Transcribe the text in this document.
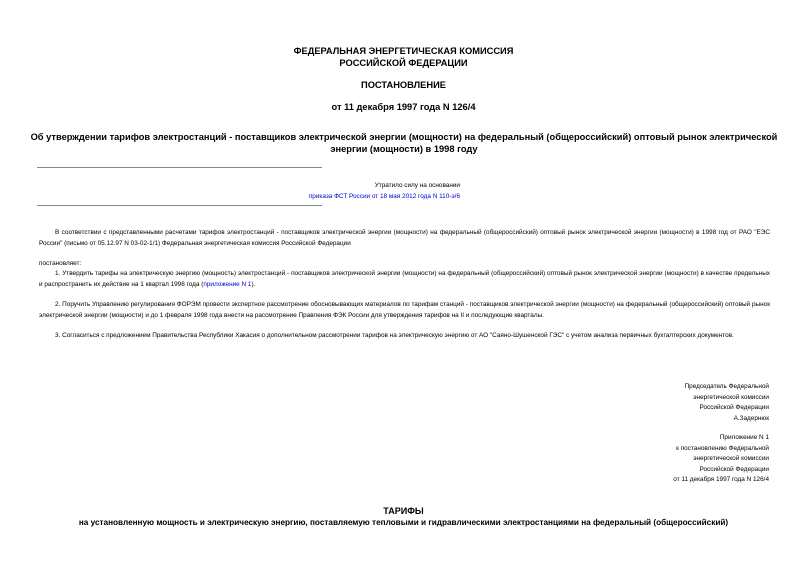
ФЕДЕРАЛЬНАЯ ЭНЕРГЕТИЧЕСКАЯ КОМИССИЯ
РОССИЙСКОЙ ФЕДЕРАЦИИ
ПОСТАНОВЛЕНИЕ
от 11 декабря 1997 года N 126/4
Об утверждении тарифов электростанций - поставщиков электрической энергии (мощности) на федеральный (общероссийский) оптовый рынок электрической
энергии (мощности) в 1998 году
Утратило силу на основании
приказа ФСТ России от 18 мая 2012 года N 110-э/6
В соответствии с представленными расчетами тарифов электростанций - поставщиков электрической энергии (мощности) на федеральный (общероссийский) оптовый рынок электрической энергии (мощности) в 1998 год от РАО "ЕЭС России" (письмо от 05.12.97 N 03-02-1/1) Федеральная энергетическая комиссия Российской Федерации
постановляет:
1. Утвердить тарифы на электрическую энергию (мощность) электростанций - поставщиков электрической энергии (мощности) на федеральный (общероссийский) оптовый рынок электрической энергии (мощности) в качестве предельных и распространить их действие на 1 квартал 1998 года (приложение N 1).
2. Поручить Управлению регулирования ФОРЭМ провести экспертное рассмотрение обосновывающих материалов по тарифам станций - поставщиков электрической энергии (мощности) на федеральный (общероссийский) оптовый рынок электрической энергии (мощности) и до 1 февраля 1998 года внести на рассмотрение Правления ФЭК России для утверждения тарифов на II и последующие кварталы.
3. Согласиться с предложением Правительства Республики Хакасия о дополнительном рассмотрении тарифов на электрическую энергию от АО "Саяно-Шушенской ГЭС" с учетом анализа первичных бухгалтерских документов.
Председатель Федеральной
энергетической комиссии
Российской Федерации
А.Задернюк
Приложение N 1
к постановлению Федеральной
энергетической комиссии
Российской Федерации
от 11 декабря 1997 года N 126/4
ТАРИФЫ
на установленную мощность и электрическую энергию, поставляемую тепловыми и гидравлическими электростанциями на федеральный (общероссийский)
